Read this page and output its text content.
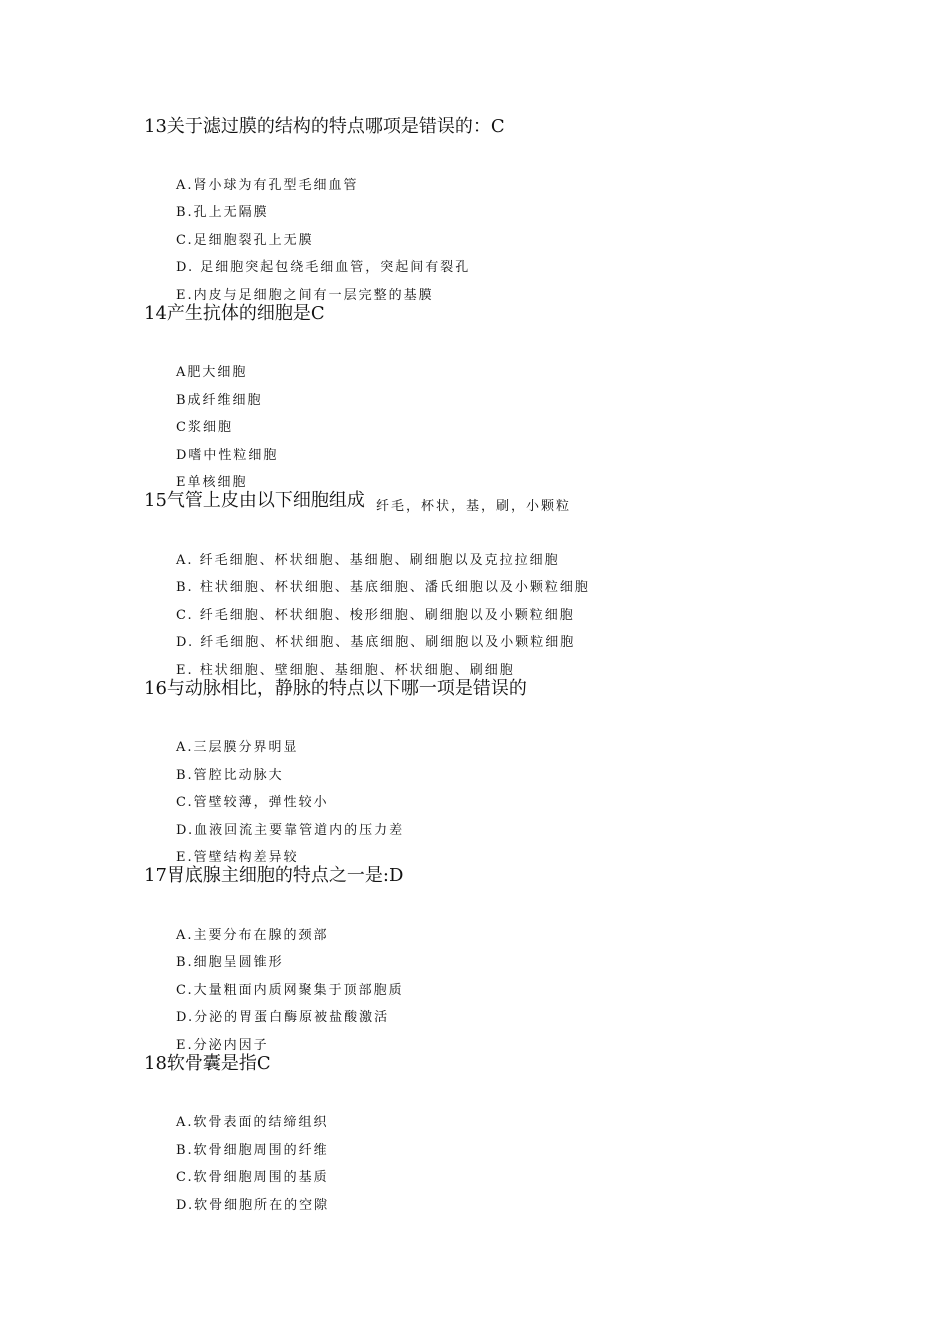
13关于滤过膜的结构的特点哪项是错误的：C
A.肾小球为有孔型毛细血管
B.孔上无隔膜
C.足细胞裂孔上无膜
D. 足细胞突起包绕毛细血管，突起间有裂孔
E.内皮与足细胞之间有一层完整的基膜
14产生抗体的细胞是C
A肥大细胞
B成纤维细胞
C浆细胞
D嗜中性粒细胞
E单核细胞
15气管上皮由以下细胞组成 纤毛，杯状，基，刷，小颗粒
A. 纤毛细胞、杯状细胞、基细胞、刷细胞以及克拉拉细胞
B. 柱状细胞、杯状细胞、基底细胞、潘氏细胞以及小颗粒细胞
C. 纤毛细胞、杯状细胞、梭形细胞、刷细胞以及小颗粒细胞
D. 纤毛细胞、杯状细胞、基底细胞、刷细胞以及小颗粒细胞
E. 柱状细胞、壁细胞、基细胞、杯状细胞、刷细胞
16与动脉相比，静脉的特点以下哪一项是错误的
A.三层膜分界明显
B.管腔比动脉大
C.管壁较薄，弹性较小
D.血液回流主要靠管道内的压力差
E.管壁结构差异较
17胃底腺主细胞的特点之一是:D
A.主要分布在腺的颈部
B.细胞呈圆锥形
C.大量粗面内质网聚集于顶部胞质
D.分泌的胃蛋白酶原被盐酸激活
E.分泌内因子
18软骨囊是指C
A.软骨表面的结缔组织
B.软骨细胞周围的纤维
C.软骨细胞周围的基质
D.软骨细胞所在的空隙
